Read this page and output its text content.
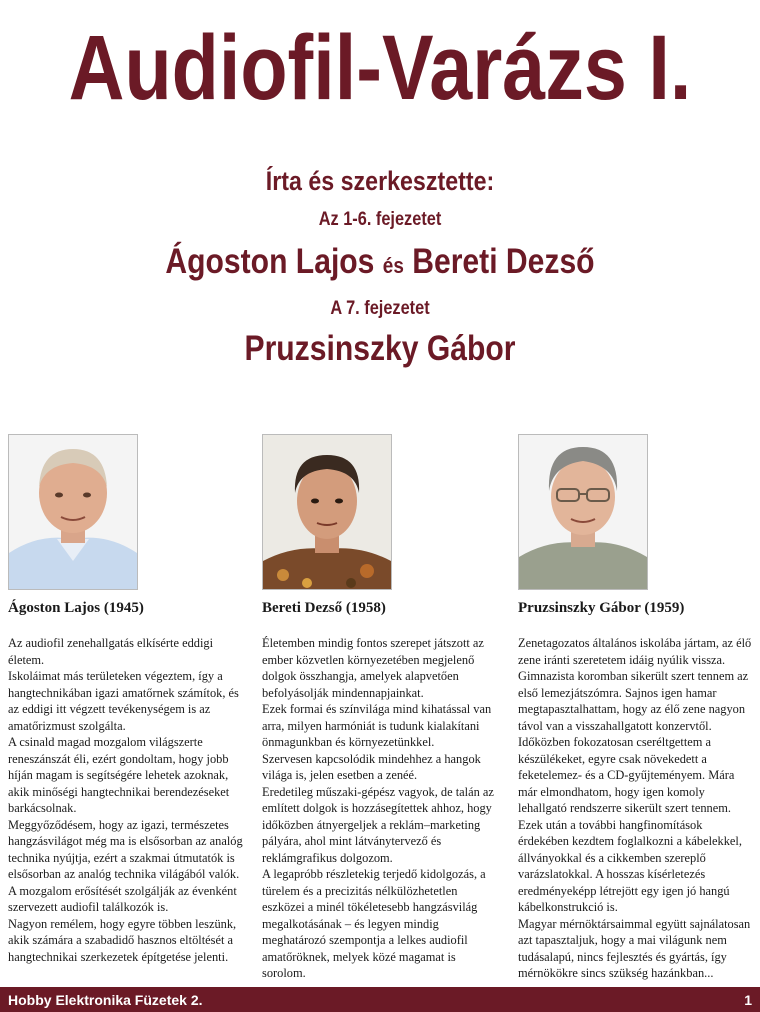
Audiofil-Varázs I.
Írta és szerkesztette:
Az 1-6. fejezetet
Ágoston Lajos és Bereti Dezső
A 7. fejezetet
Pruzsinszky Gábor
Ágoston Lajos (1945)

Az audiofil zenehallgatás elkísérte eddigi életem.

Iskoláimat más területeken végeztem, így a hangtechnikában igazi amatőrnek számítok, és az eddigi itt végzett tevékenységem is az amatőrizmust szolgálta.

A csinald magad mozgalom világszerte reneszánszát éli, ezért gondoltam, hogy jobb híján magam is segítségére lehetek azoknak, akik minőségi hangtechnikai berendezéseket barkácsolnak.

Meggyőződésem, hogy az igazi, természetes hangzásvilágot még ma is elsősorban az analóg technika nyújtja, ezért a szakmai útmutatók is elsősorban az analóg technika világából valók.

A mozgalom erősítését szolgálják az évenként szervezett audiofil találkozók is.

Nagyon remélem, hogy egyre többen leszünk, akik számára a szabadidő hasznos eltöltését a hangtechnikai szerkezetek építgetése jelenti.

Bereti Dezső (1958)

Életemben mindig fontos szerepet játszott az ember közvetlen környezetében megjelenő dolgok összhangja, amelyek alapvetően befolyásolják mindennapjainkat.

Ezek formai és színvilága mind kihatással van arra, milyen harmóniát is tudunk kialakítani önmagunkban és környezetünkkel.

Szervesen kapcsolódik mindehhez a hangok világa is, jelen esetben a zenéé.

Eredetileg műszaki-gépész vagyok, de talán az említett dolgok is hozzásegítettek ahhoz, hogy időközben átnyergeljek a reklám–marketing pályára, ahol mint látványtervező és reklámgrafikus dolgozom.

A legapróbb részletekig terjedő kidolgozás, a türelem és a precizitás nélkülözhetetlen eszközei a minél tökéletesebb hangzásvilág megalkotásának – és legyen mindig meghatározó szempontja a lelkes audiofil amatőröknek, melyek közé magamat is sorolom.

Pruzsinszky Gábor (1959)

Zenetagozatos általános iskolába jártam, az élő zene iránti szeretetem idáig nyúlik vissza. Gimnazista koromban sikerült szert tennem az első lemezjátszómra. Sajnos igen hamar megtapasztalhattam, hogy az élő zene nagyon távol van a visszahallgatott konzervtől. Időközben fokozatosan cseréltgettem a készülékeket, egyre csak növekedett a feketelemez- és a CD-gyűjteményem. Mára már elmondhatom, hogy igen komoly lehallgató rendszerre sikerült szert tennem. Ezek után a további hangfinomítások érdekében kezdtem foglalkozni a kábelekkel, állványokkal és a cikkemben szereplő varázslatokkal. A hosszas kísérletezés eredményeképp létrejött egy igen jó hangú kábelkonstrukció is.

Magyar mérnöktársaimmal együtt sajnálatosan azt tapasztaljuk, hogy a mai világunk nem tudásalapú, nincs fejlesztés és gyártás, így mérnökökre sincs szükség hazánkban...

Hobby Elektronika Füzetek 2.	1
